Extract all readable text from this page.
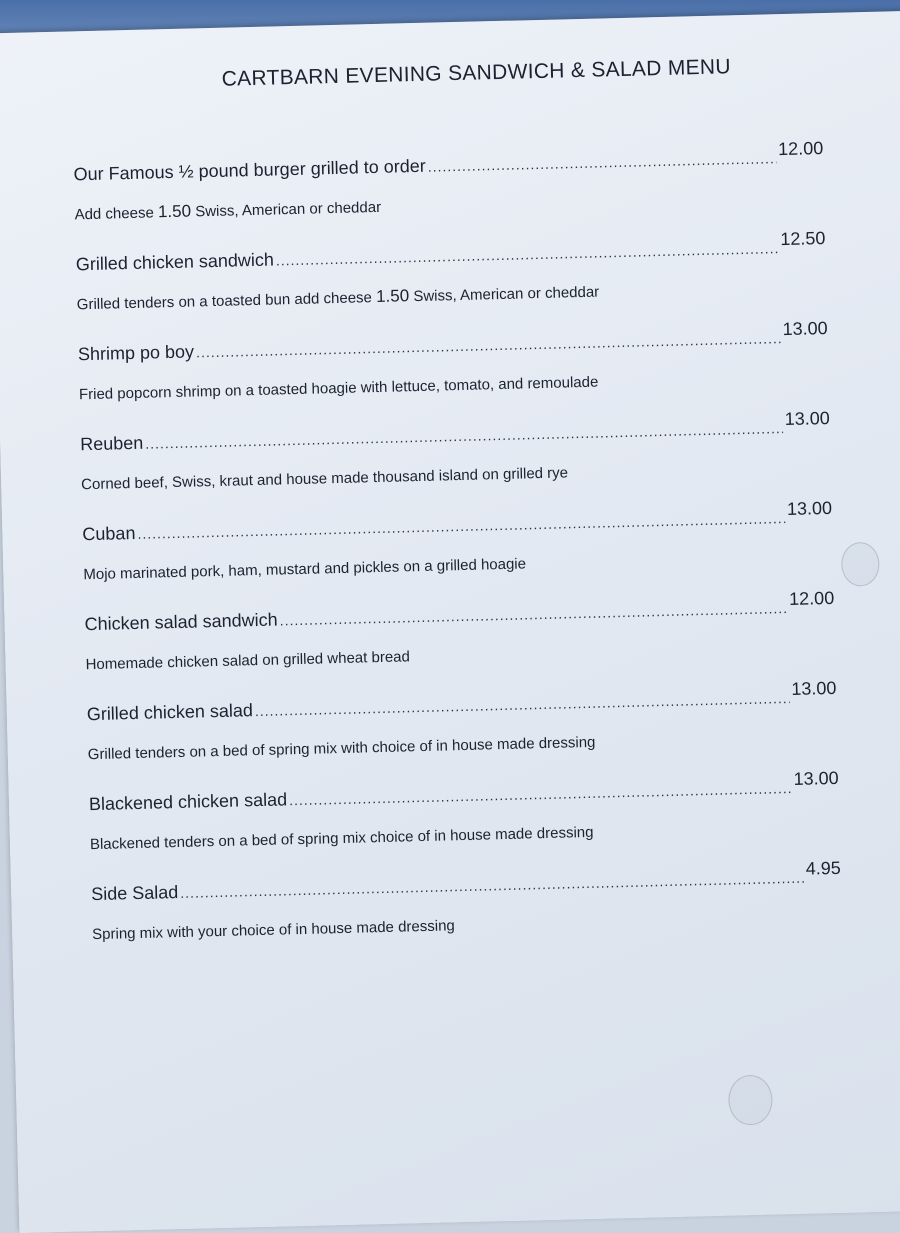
CARTBARN EVENING SANDWICH & SALAD MENU
Our Famous ½ pound burger grilled to order
.....
12.00
Add cheese 1.50 Swiss, American or cheddar
Grilled chicken sandwich
.....
12.50
Grilled tenders on a toasted bun add cheese 1.50 Swiss, American or cheddar
Shrimp po boy
.....
13.00
Fried popcorn shrimp on a toasted hoagie with lettuce, tomato, and remoulade
Reuben
.....
13.00
Corned beef, Swiss, kraut and house made thousand island on grilled rye
Cuban
.....
13.00
Mojo marinated pork, ham, mustard and pickles on a grilled hoagie
Chicken salad sandwich
.....
12.00
Homemade chicken salad on grilled wheat bread
Grilled chicken salad
.....
13.00
Grilled tenders on a bed of spring mix with choice of in house made dressing
Blackened chicken salad
.....
13.00
Blackened tenders on a bed of spring mix choice of in house made dressing
Side Salad
.....
4.95
Spring mix with your choice of in house made dressing
